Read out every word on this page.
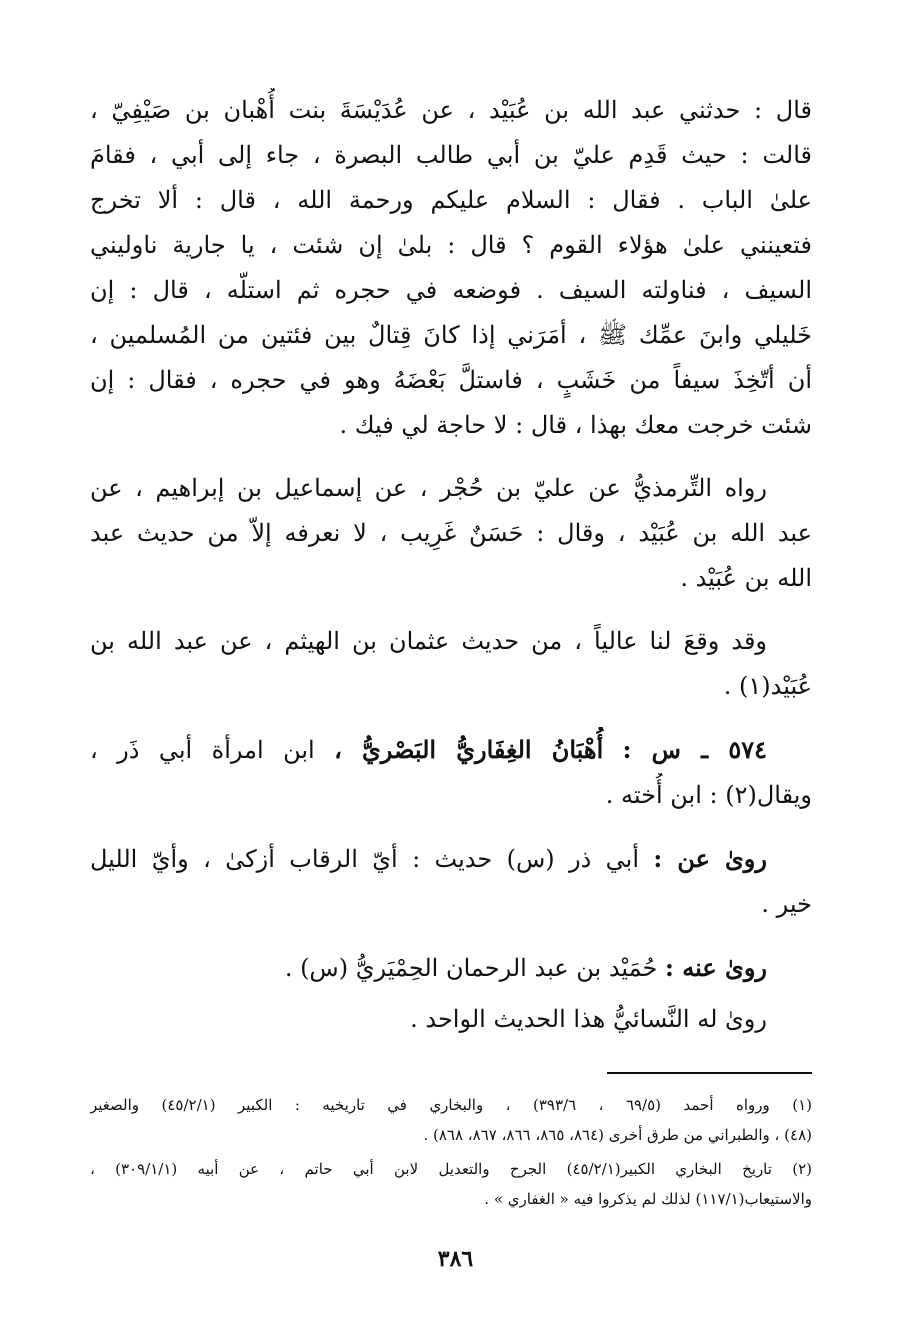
قال : حدثني عبد الله بن عُبَيْد ، عن عُدَيْسَةَ بنت أُهْبان بن صَيْفِيّ ،
قالت : حيث قَدِم عليّ بن أبي طالب البصرة ، جاء إلى أبي ، فقامَ
علىٰ الباب . فقال : السلام عليكم ورحمة الله ، قال : ألا تخرج
فتعينني علىٰ هؤلاء القوم ؟ قال : بلىٰ إن شئت ، يا جارية ناوليني
السيف ، فناولته السيف . فوضعه في حجره ثم استلّه ، قال : إن
خَليلي وابنَ عمِّك ﷺ ، أمَرَني إذا كانَ قِتالٌ بين فئتين من المُسلمين ،
أن أتّخِذَ سيفاً من خَشَبٍ ، فاستلَّ بَعْضَهُ وهو في حجره ، فقال : إن
شئت خرجت معك بهذا ، قال : لا حاجة لي فيك .

رواه التِّرمذيُّ عن عليّ بن حُجْر ، عن إسماعيل بن إبراهيم ، عن
عبد الله بن عُبَيْد ، وقال : حَسَنٌ غَرِيب ، لا نعرفه إلاّ من حديث عبد
الله بن عُبَيْد .

وقد وقعَ لنا عالياً ، من حديث عثمان بن الهيثم ، عن عبد الله بن
عُبَيْد(١) .

٥٧٤ ـ س : أُهْبَانُ الغِفَاريُّ البَصْريُّ ، ابن امرأة أبي ذَر ،
ويقال(٢) : ابن أُخته .

روىٰ عن : أبي ذر (س) حديث : أيّ الرقاب أزكىٰ ، وأيّ الليل
خير .

روىٰ عنه : حُمَيْد بن عبد الرحمان الحِمْيَريُّ (س) .

روىٰ له النَّسائيُّ هذا الحديث الواحد .

(١) ورواه أحمد (٦٩/٥ ، ٣٩٣/٦) ، والبخاري في تاريخيه : الكبير (٤٥/٢/١) والصغير
(٤٨) ، والطبراني من طرق أخرى (٨٦٤، ٨٦٥، ٨٦٦، ٨٦٧، ٨٦٨) .
(٢) تاريخ البخاري الكبير(٤٥/٢/١) الجرح والتعديل لابن أبي حاتم ، عن أبيه (٣٠٩/١/١) ،
والاستيعاب(١١٧/١) لذلك لم يذكروا فيه « الغفاري » .
٣٨٦
